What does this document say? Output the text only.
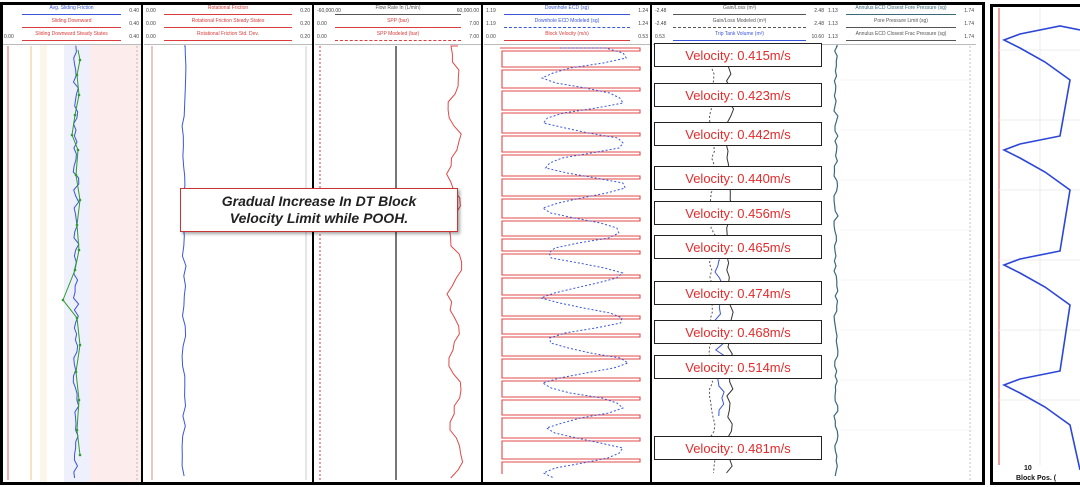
Avg. Sliding Friction	0.40
Sliding Downward	0.40
Sliding Downward Steady States
0.00	0.40
Rotational Friction
0.00	0.20
Rotational Friction Steady States
0.00	0.20
Rotational Friction Std. Dev.
0.00	0.20
Flow Rate In (L/min)
-60,000.00	60,000.00
SPP (bar)
0.00	7.00
SPP Modeled (bar)
0.00	7.00
Downhole ECD (sg)
1.19	1.24
Downhole ECD Modeled (sg)
1.19	1.24
Block Velocity (m/s)
0.00	0.53
Gain/Loss (m³)
-2.48	2.48
Gain/Loss Modeled (m³)
-2.48	2.48
Trip Tank Volume (m³)
0.53	10.60
Annulus ECD Closest Fore Pressure (sg)
1.13	1.74
Pore Pressure Limit (sg)
1.13	1.74
Annulus ECD Closest Frac Pressure (sg)
1.13	1.74
Gradual Increase In DT Block
Velocity Limit while POOH.
Velocity: 0.415m/s
Velocity: 0.423m/s
Velocity: 0.442m/s
Velocity: 0.440m/s
Velocity: 0.456m/s
Velocity: 0.465m/s
Velocity: 0.474m/s
Velocity: 0.468m/s
Velocity: 0.514m/s
Velocity: 0.481m/s
10
Block Pos. (
